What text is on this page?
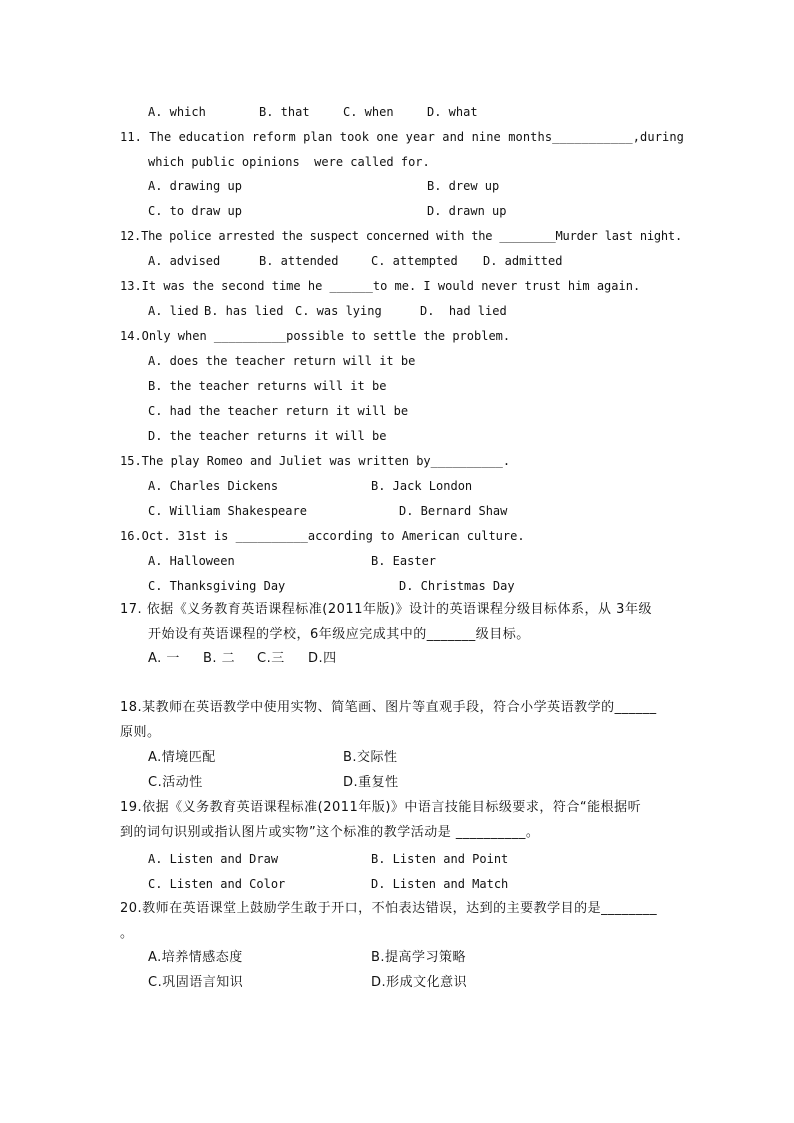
A. which	B. that	C. when	D. what
11. The education reform plan took one year and nine months___________,during
which public opinions  were called for.
A. drawing up	B. drew up
C. to draw up	D. drawn up
12.The police arrested the suspect concerned with the ________Murder last night.
A. advised	B. attended	C. attempted D. admitted
13.It was the second time he ______to me. I would never trust him again.
A. lied B. has lied C. was lying	D.  had lied
14.Only when __________possible to settle the problem.
A. does the teacher return will it be
B. the teacher returns will it be
C. had the teacher return it will be
D. the teacher returns it will be
15.The play Romeo and Juliet was written by__________.
A. Charles Dickens	B. Jack London
C. William Shakespeare	D. Bernard Shaw
16.Oct. 31st is __________according to American culture.
A. Halloween	B. Easter
C. Thanksgiving Day	D. Christmas Day
17. 依据《义务教育英语课程标准(2011年版)》设计的英语课程分级目标体系，从 3年级
开始设有英语课程的学校，6年级应完成其中的_______级目标。
A. 一 B. 二 C.三 D.四
18.某教师在英语教学中使用实物、简笔画、图片等直观手段，符合小学英语教学的______
原则。
A.情境匹配	B.交际性
C.活动性	D.重复性
19.依据《义务教育英语课程标准(2011年版)》中语言技能目标级要求，符合“能根据听
到的词句识别或指认图片或实物”这个标准的教学活动是 __________。
A. Listen and Draw	B. Listen and Point
C. Listen and Color	D. Listen and Match
20.教师在英语课堂上鼓励学生敢于开口，不怕表达错误，达到的主要教学目的是________
。
A.培养情感态度	B.提高学习策略
C.巩固语言知识	D.形成文化意识
